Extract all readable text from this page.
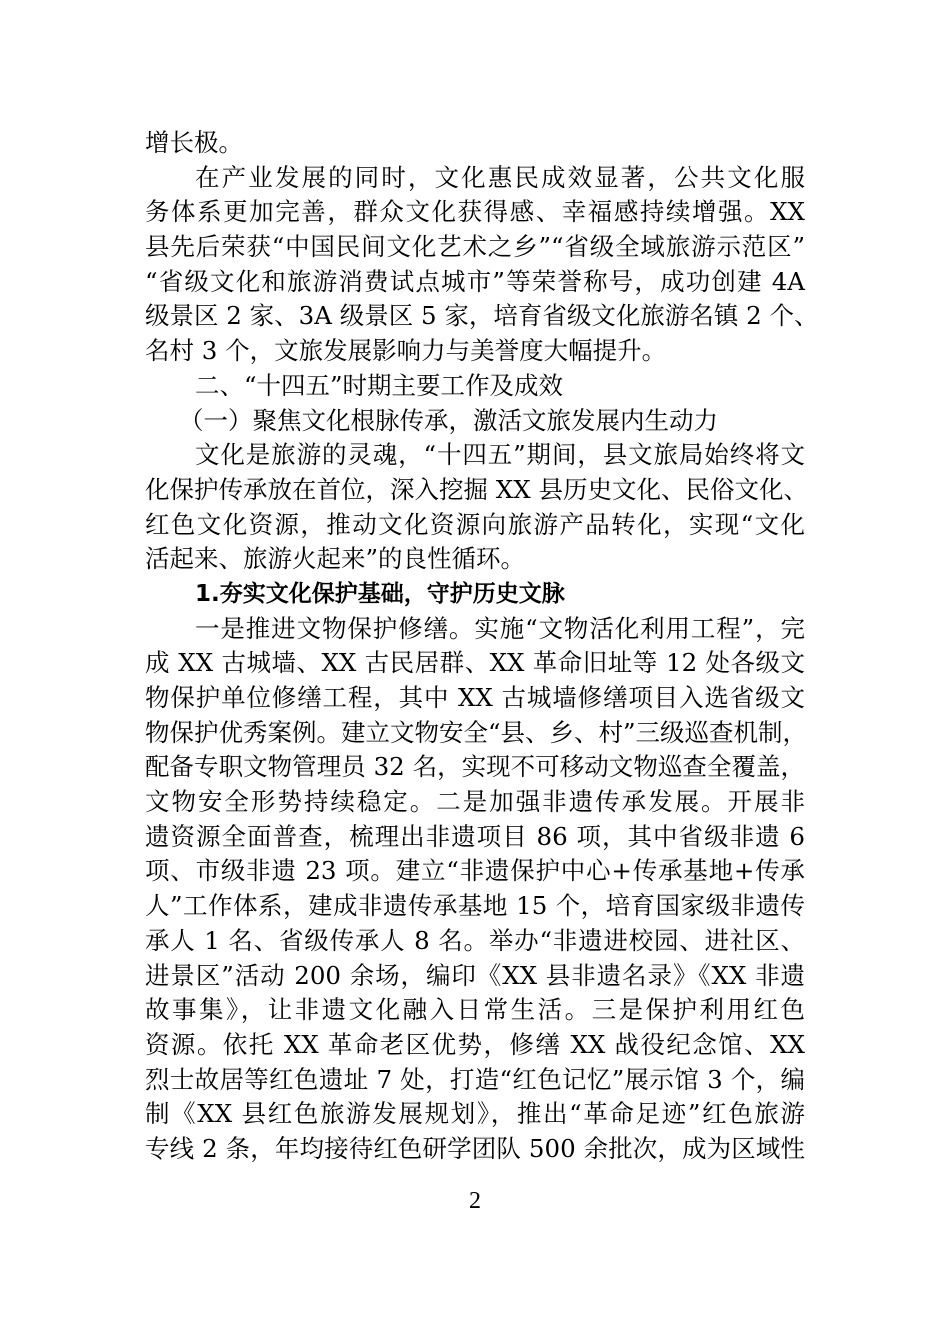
增长极。
在产业发展的同时，文化惠民成效显著，公共文化服
务体系更加完善，群众文化获得感、幸福感持续增强。XX
县先后荣获“中国民间文化艺术之乡”“省级全域旅游示范区”
“省级文化和旅游消费试点城市”等荣誉称号，成功创建 4A
级景区 2 家、3A 级景区 5 家，培育省级文化旅游名镇 2 个、
名村 3 个，文旅发展影响力与美誉度大幅提升。
二、“十四五”时期主要工作及成效
（一）聚焦文化根脉传承，激活文旅发展内生动力
文化是旅游的灵魂，“十四五”期间，县文旅局始终将文
化保护传承放在首位，深入挖掘 XX 县历史文化、民俗文化、
红色文化资源，推动文化资源向旅游产品转化，实现“文化
活起来、旅游火起来”的良性循环。
1.夯实文化保护基础，守护历史文脉
一是推进文物保护修缮。实施“文物活化利用工程”，完
成 XX 古城墙、XX 古民居群、XX 革命旧址等 12 处各级文
物保护单位修缮工程，其中 XX 古城墙修缮项目入选省级文
物保护优秀案例。建立文物安全“县、乡、村”三级巡查机制，
配备专职文物管理员 32 名，实现不可移动文物巡查全覆盖，
文物安全形势持续稳定。二是加强非遗传承发展。开展非
遗资源全面普查，梳理出非遗项目 86 项，其中省级非遗 6
项、市级非遗 23 项。建立“非遗保护中心+传承基地+传承
人”工作体系，建成非遗传承基地 15 个，培育国家级非遗传
承人 1 名、省级传承人 8 名。举办“非遗进校园、进社区、
进景区”活动 200 余场，编印《XX 县非遗名录》《XX 非遗
故事集》，让非遗文化融入日常生活。三是保护利用红色
资源。依托 XX 革命老区优势，修缮 XX 战役纪念馆、XX
烈士故居等红色遗址 7 处，打造“红色记忆”展示馆 3 个，编
制《XX 县红色旅游发展规划》，推出“革命足迹”红色旅游
专线 2 条，年均接待红色研学团队 500 余批次，成为区域性
2
